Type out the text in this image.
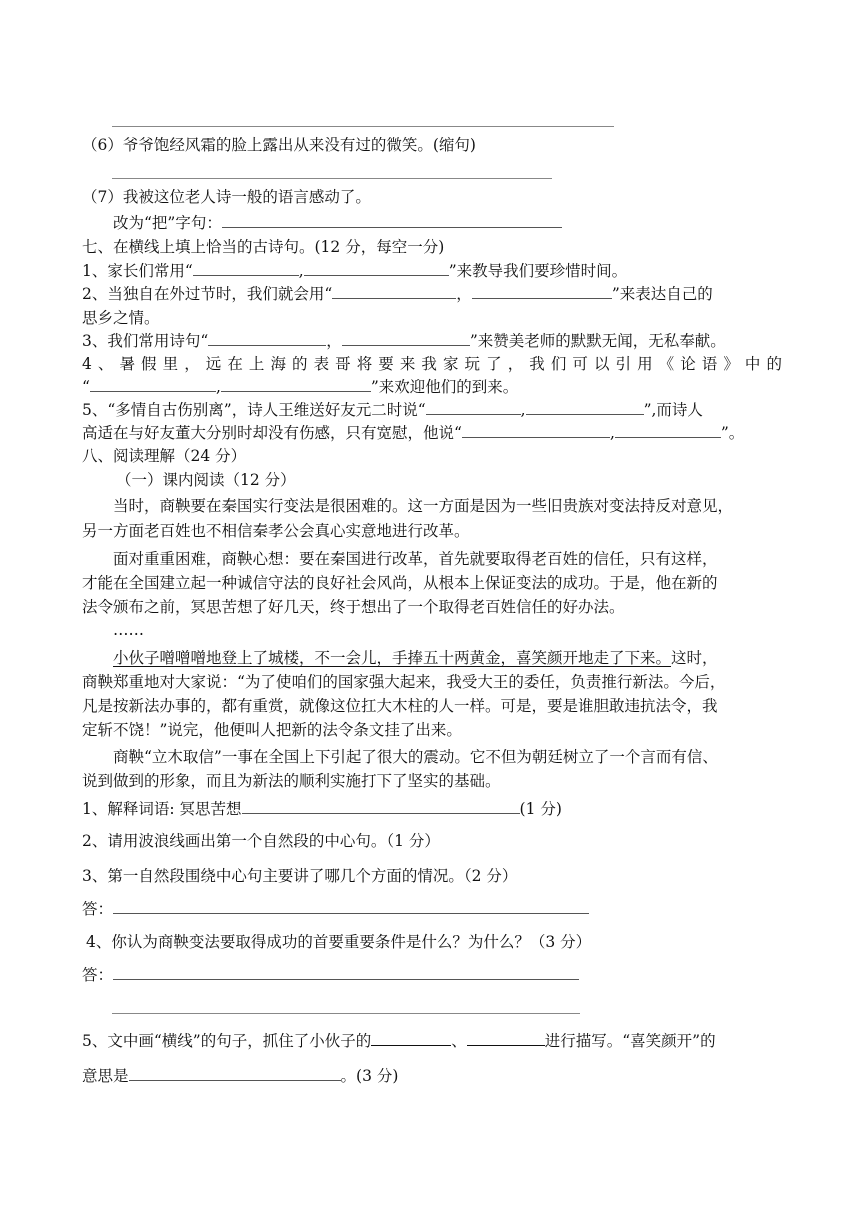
（6）爷爷饱经风霜的脸上露出从来没有过的微笑。(缩句)
（7）我被这位老人诗一般的语言感动了。
改为“把”字句：
七、在横线上填上恰当的古诗句。(12 分，每空一分)
1、家长们常用“	,	”来教导我们要珍惜时间。
2、当独自在外过节时，我们就会用“	，	”来表达自己的
思乡之情。
3、我们常用诗句“	，	”来赞美老师的默默无闻，无私奉献。
4、暑假里，远在上海的表哥将要来我家玩了，我们可以引用《论语》中的
“	,	”来欢迎他们的到来。
5、“多情自古伤别离”，诗人王维送好友元二时说“	,	”,而诗人
高适在与好友董大分别时却没有伤感，只有宽慰，他说“	,	”。
八、阅读理解（24 分）
（一）课内阅读（12 分）
当时，商鞅要在秦国实行变法是很困难的。这一方面是因为一些旧贵族对变法持反对意见，
另一方面老百姓也不相信秦孝公会真心实意地进行改革。
面对重重困难，商鞅心想：要在秦国进行改革，首先就要取得老百姓的信任，只有这样，
才能在全国建立起一种诚信守法的良好社会风尚，从根本上保证变法的成功。于是，他在新的
法令颁布之前，冥思苦想了好几天，终于想出了一个取得老百姓信任的好办法。
……
小伙子噌噌噌地登上了城楼，不一会儿，手捧五十两黄金，喜笑颜开地走了下来。这时，
商鞅郑重地对大家说：“为了使咱们的国家强大起来，我受大王的委任，负责推行新法。今后，
凡是按新法办事的，都有重赏，就像这位扛大木柱的人一样。可是，要是谁胆敢违抗法令，我
定斩不饶！”说完，他便叫人把新的法令条文挂了出来。
商鞅“立木取信”一事在全国上下引起了很大的震动。它不但为朝廷树立了一个言而有信、
说到做到的形象，而且为新法的顺利实施打下了坚实的基础。
1、解释词语: 冥思苦想	(1 分)
2、请用波浪线画出第一个自然段的中心句。（1 分）
3、第一自然段围绕中心句主要讲了哪几个方面的情况。（2 分）
答：
4、你认为商鞅变法要取得成功的首要重要条件是什么？为什么？（3 分）
答：
5、文中画“横线”的句子，抓住了小伙子的	、	进行描写。“喜笑颜开”的
意思是	。(3 分)
